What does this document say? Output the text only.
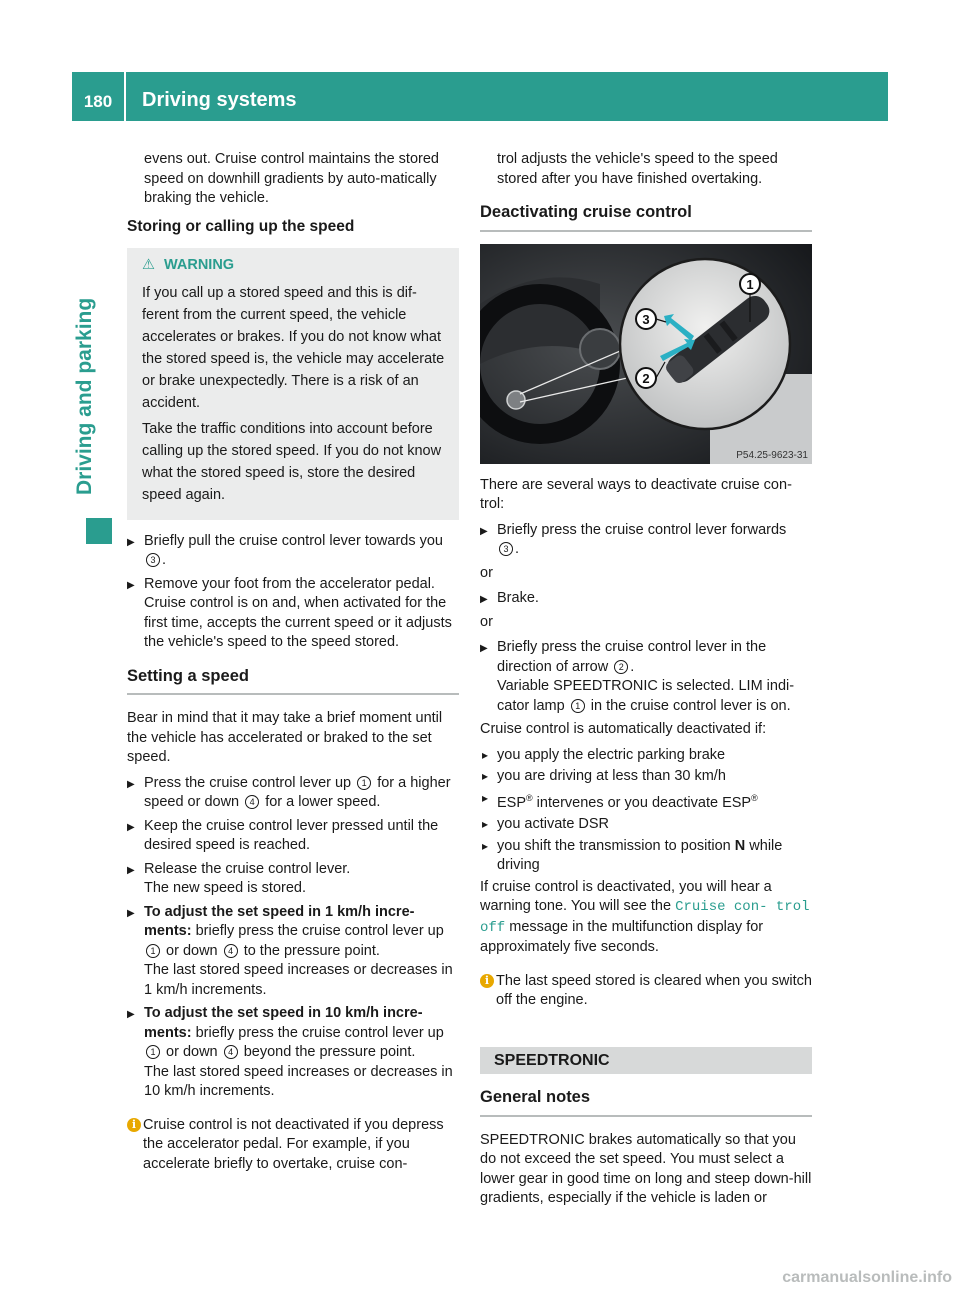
180	Driving systems
Driving and parking

evens out. Cruise control maintains the stored speed on downhill gradients by auto-matically braking the vehicle.

Storing or calling up the speed
⚠ WARNING

If you call up a stored speed and this is dif-ferent from the current speed, the vehicle accelerates or brakes. If you do not know what the stored speed is, the vehicle may accelerate or brake unexpectedly. There is a risk of an accident.

Take the traffic conditions into account before calling up the stored speed. If you do not know what the stored speed is, store the desired speed again.

▶ Briefly pull the cruise control lever towards you 3 .
▶ Remove your foot from the accelerator pedal. Cruise control is on and, when activated for the first time, accepts the current speed or it adjusts the vehicle's speed to the speed stored.
Setting a speed

Bear in mind that it may take a brief moment until the vehicle has accelerated or braked to the set speed.

▶ Press the cruise control lever up 1 for a higher speed or down 4 for a lower speed.
▶ Keep the cruise control lever pressed until the desired speed is reached.
▶ Release the cruise control lever.
The new speed is stored.
▶ To adjust the set speed in 1 km/h incre-ments: briefly press the cruise control lever up 1 or down 4 to the pressure point.
The last stored speed increases or decreases in 1 km/h increments.
▶ To adjust the set speed in 10 km/h incre-ments: briefly press the cruise control lever up 1 or down 4 beyond the pressure point.
The last stored speed increases or decreases in 10 km/h increments.
i Cruise control is not deactivated if you depress the accelerator pedal. For example, if you accelerate briefly to overtake, cruise con-

trol adjusts the vehicle's speed to the speed stored after you have finished overtaking.

Deactivating cruise control
1
2
3
P54.25-9623-31

There are several ways to deactivate cruise con-trol:

▶ Briefly press the cruise control lever forwards
3 .

or

▶ Brake.

or

▶ Briefly press the cruise control lever in the direction of arrow 2 .
Variable SPEEDTRONIC is selected. LIM indi-cator lamp 1 in the cruise control lever is on.

Cruise control is automatically deactivated if:

▸ you apply the electric parking brake
▸ you are driving at less than 30 km/h
▸ ESP® intervenes or you deactivate ESP®
▸ you activate DSR
▸ you shift the transmission to position N while driving

If cruise control is deactivated, you will hear a warning tone. You will see the Cruise con‐ trol off message in the multifunction display for approximately five seconds.

i The last speed stored is cleared when you switch off the engine.
SPEEDTRONIC
General notes

SPEEDTRONIC brakes automatically so that you do not exceed the set speed. You must select a lower gear in good time on long and steep down-hill gradients, especially if the vehicle is laden or

carmanualsonline.info
